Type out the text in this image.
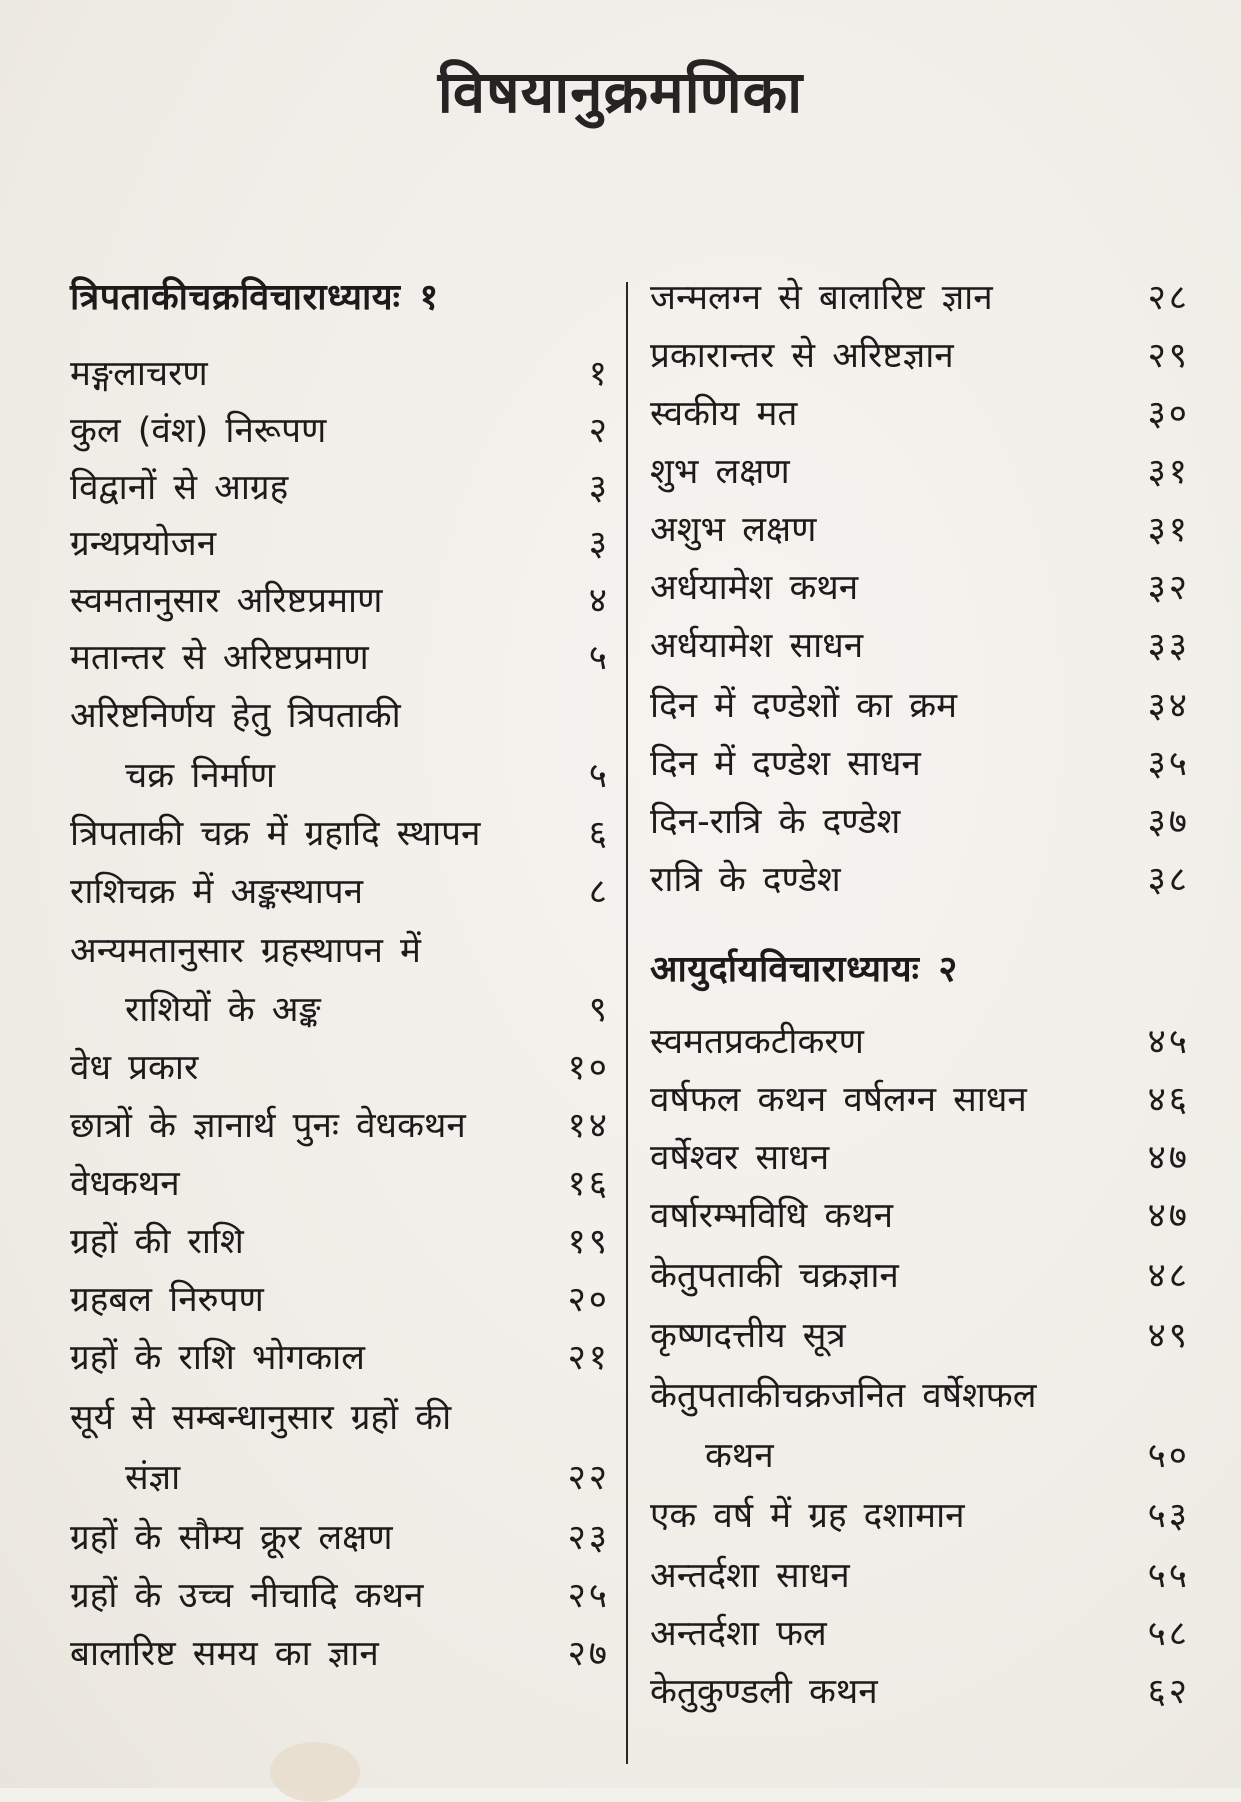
विषयानुक्रमणिका
त्रिपताकीचक्रविचाराध्यायः १
मङ्गलाचरण	१
कुल (वंश) निरूपण	२
विद्वानों से आग्रह	३
ग्रन्थप्रयोजन	३
स्वमतानुसार अरिष्टप्रमाण	४
मतान्तर से अरिष्टप्रमाण	५
अरिष्टनिर्णय हेतु त्रिपताकी
चक्र निर्माण	५
त्रिपताकी चक्र में ग्रहादि स्थापन	६
राशिचक्र में अङ्कस्थापन	८
अन्यमतानुसार ग्रहस्थापन में
राशियों के अङ्क	९
वेध प्रकार	१०
छात्रों के ज्ञानार्थ पुनः वेधकथन	१४
वेधकथन	१६
ग्रहों की राशि	१९
ग्रहबल निरुपण	२०
ग्रहों के राशि भोगकाल	२१
सूर्य से सम्बन्धानुसार ग्रहों की
संज्ञा	२२
ग्रहों के सौम्य क्रूर लक्षण	२३
ग्रहों के उच्च नीचादि कथन	२५
बालारिष्ट समय का ज्ञान	२७
जन्मलग्न से बालारिष्ट ज्ञान	२८
प्रकारान्तर से अरिष्टज्ञान	२९
स्वकीय मत	३०
शुभ लक्षण	३१
अशुभ लक्षण	३१
अर्धयामेश कथन	३२
अर्धयामेश साधन	३३
दिन में दण्डेशों का क्रम	३४
दिन में दण्डेश साधन	३५
दिन-रात्रि के दण्डेश	३७
रात्रि के दण्डेश	३८
आयुर्दायविचाराध्यायः २
स्वमतप्रकटीकरण	४५
वर्षफल कथन वर्षलग्न साधन	४६
वर्षेश्वर साधन	४७
वर्षारम्भविधि कथन	४७
केतुपताकी चक्रज्ञान	४८
कृष्णदत्तीय सूत्र	४९
केतुपताकीचक्रजनित वर्षेशफल
कथन	५०
एक वर्ष में ग्रह दशामान	५३
अन्तर्दशा साधन	५५
अन्तर्दशा फल	५८
केतुकुण्डली कथन	६२
